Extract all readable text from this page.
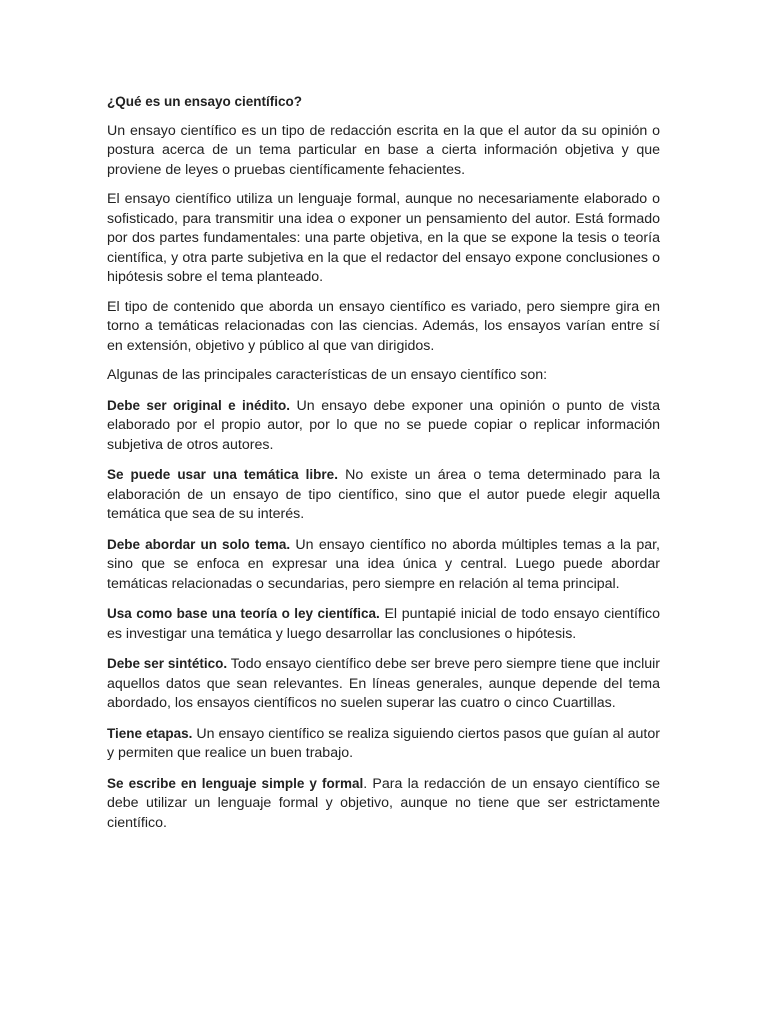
¿Qué es un ensayo científico?

Un ensayo científico es un tipo de redacción escrita en la que el autor da su opinión o postura acerca de un tema particular en base a cierta información objetiva y que proviene de leyes o pruebas científicamente fehacientes.

El ensayo científico utiliza un lenguaje formal, aunque no necesariamente elaborado o sofisticado, para transmitir una idea o exponer un pensamiento del autor. Está formado por dos partes fundamentales: una parte objetiva, en la que se expone la tesis o teoría científica, y otra parte subjetiva en la que el redactor del ensayo expone conclusiones o hipótesis sobre el tema planteado.

El tipo de contenido que aborda un ensayo científico es variado, pero siempre gira en torno a temáticas relacionadas con las ciencias. Además, los ensayos varían entre sí en extensión, objetivo y público al que van dirigidos.

Algunas de las principales características de un ensayo científico son:

Debe ser original e inédito. Un ensayo debe exponer una opinión o punto de vista elaborado por el propio autor, por lo que no se puede copiar o replicar información subjetiva de otros autores.

Se puede usar una temática libre. No existe un área o tema determinado para la elaboración de un ensayo de tipo científico, sino que el autor puede elegir aquella temática que sea de su interés.

Debe abordar un solo tema. Un ensayo científico no aborda múltiples temas a la par, sino que se enfoca en expresar una idea única y central. Luego puede abordar temáticas relacionadas o secundarias, pero siempre en relación al tema principal.

Usa como base una teoría o ley científica. El puntapié inicial de todo ensayo científico es investigar una temática y luego desarrollar las conclusiones o hipótesis.

Debe ser sintético. Todo ensayo científico debe ser breve pero siempre tiene que incluir aquellos datos que sean relevantes. En líneas generales, aunque depende del tema abordado, los ensayos científicos no suelen superar las cuatro o cinco Cuartillas.

Tiene etapas. Un ensayo científico se realiza siguiendo ciertos pasos que guían al autor y permiten que realice un buen trabajo.

Se escribe en lenguaje simple y formal. Para la redacción de un ensayo científico se debe utilizar un lenguaje formal y objetivo, aunque no tiene que ser estrictamente científico.
